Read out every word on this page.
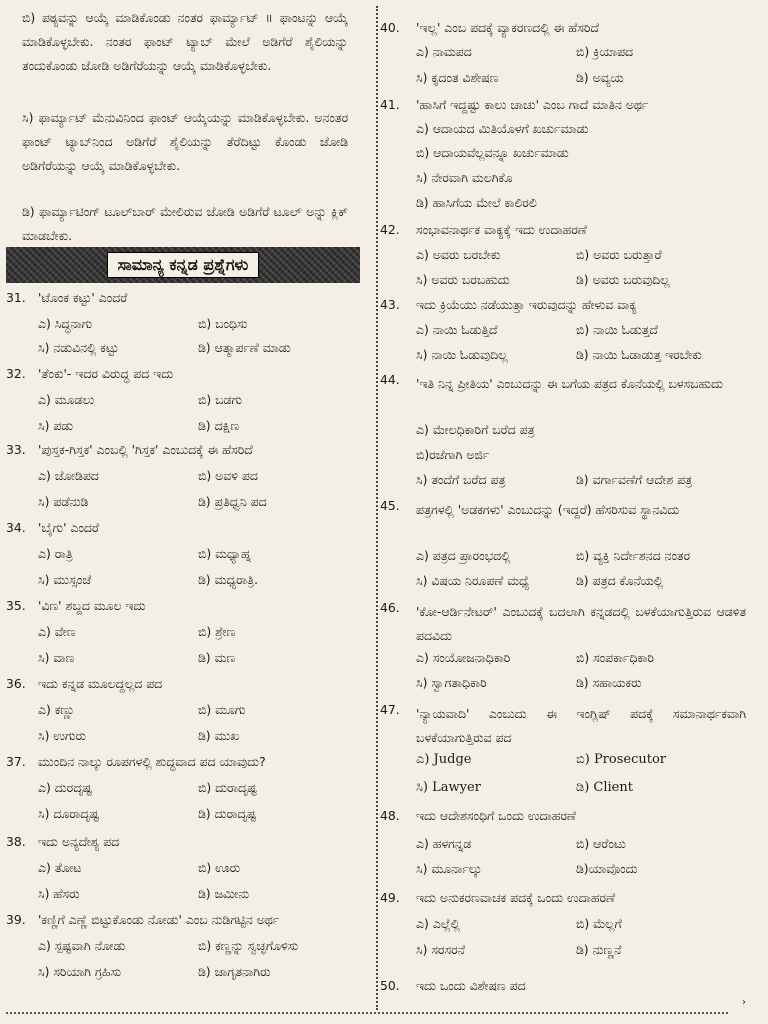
ಬಿ) ಪಠ್ಯವನ್ನು ಆಯ್ಕೆ ಮಾಡಿಕೊಂಡು ನಂತರ ಫಾರ್ಮ್ಯಾಟ್ ॥ ಫಾಂಟನ್ನು ಆಯ್ಕೆ ಮಾಡಿಕೊಳ್ಳಬೇಕು. ನಂತರ ಫಾಂಟ್ ಟ್ಯಾಬ್ ಮೇಲೆ ಅಡಿಗೆರೆ ಶೈಲಿಯನ್ನು ತಂದುಕೊಂಡು ಜೋಡಿ ಅಡಿಗೆರೆಯನ್ನು ಆಯ್ಕೆ ಮಾಡಿಕೊಳ್ಳಬೇಕು.
ಸಿ) ಫಾರ್ಮ್ಯಾಟ್ ಮೆನುವಿನಿಂದ ಫಾಂಟ್ ಆಯ್ಕೆಯನ್ನು ಮಾಡಿಕೊಳ್ಳಬೇಕು. ಅನಂತರ ಫಾಂಟ್ ಟ್ಯಾಬ್‌ನಿಂದ ಅಡಿಗೆರೆ ಶೈಲಿಯನ್ನು ತೆರೆದಿಟ್ಟು ಕೊಂಡು ಜೋಡಿ ಅಡಿಗೆರೆಯನ್ನು ಆಯ್ಕೆ ಮಾಡಿಕೊಳ್ಳಬೇಕು.
ಡಿ) ಫಾರ್ಮ್ಯಾಟಿಂಗ್ ಟೂಲ್‌ಬಾರ್ ಮೇಲಿರುವ ಜೋಡಿ ಅಡಿಗೆರೆ ಟೂಲ್ ಅನ್ನು ಕ್ಲಿಕ್ ಮಾಡಬೇಕು.
ಸಾಮಾನ್ಯ ಕನ್ನಡ ಪ್ರಶ್ನೆಗಳು
31. 'ಟೊಂಕ ಕಟ್ಟು' ಎಂದರೆ
ಎ) ಸಿದ್ಧನಾಗು	ಬಿ) ಬಂಧಿಸು
ಸಿ) ನಡುವಿನಲ್ಲಿ ಕಟ್ಟು	ಡಿ) ಆತ್ಮಾರ್ಪಣೆ ಮಾಡು
32. 'ತೆಂಕು'- ಇದರ ವಿರುದ್ಧ ಪದ ಇದು
ಎ) ಮೂಡಲು	ಬಿ) ಬಡಗು
ಸಿ) ಪಡು	ಡಿ) ದಕ್ಷಿಣ
33. 'ಪುಸ್ತಕ-ಗಿಸ್ತಕ' ಎಂಬಲ್ಲಿ 'ಗಿಸ್ತಕ' ಎಂಬುದಕ್ಕೆ ಈ ಹೆಸರಿದೆ
ಎ) ಜೋಡಿಪದ	ಬಿ) ಅವಳಿ ಪದ
ಸಿ) ಪಡೆನುಡಿ	ಡಿ) ಪ್ರತಿಧ್ವನಿ ಪದ
34. 'ಬೈಗು' ಎಂದರೆ
ಎ) ರಾತ್ರಿ	ಬಿ) ಮಧ್ಯಾಹ್ನ
ಸಿ) ಮುಸ್ಸಂಜೆ	ಡಿ) ಮಧ್ಯರಾತ್ರಿ.
35. 'ವಿಣ' ಶಬ್ದದ ಮೂಲ ಇದು
ಎ) ವೇಣ	ಬಿ) ಶ್ರೇಣ
ಸಿ) ವಾಣ	ಡಿ) ಮಣ
36. ಇದು ಕನ್ನಡ ಮೂಲದ್ದಲ್ಲದ ಪದ
ಎ) ಕಣ್ಣು	ಬಿ) ಮೂಗು
ಸಿ) ಉಗುರು	ಡಿ) ಮುಖ
37. ಮುಂದಿನ ನಾಲ್ಕು ರೂಪಗಳಲ್ಲಿ ಶುದ್ಧವಾದ ಪದ ಯಾವುದು?
ಎ) ದುರದೃಷ್ಟ	ಬಿ) ದುರಾದೃಷ್ಟ
ಸಿ) ದೂರಾದೃಷ್ಟ	ಡಿ) ದುರಾದೃಷ್ಟ
38. ಇದು ಅನ್ಯದೇಶ್ಯ ಪದ
ಎ) ತೋಟ	ಬಿ) ಊರು
ಸಿ) ಹೆಸರು	ಡಿ) ಜಮೀನು
39. 'ಕಣ್ಣಿಗೆ ಎಣ್ಣೆ ಬಿಟ್ಟುಕೊಂಡು ನೋಡು' ಎಂಬ ನುಡಿಗಟ್ಟಿನ ಅರ್ಥ
ಎ) ಸ್ಪಷ್ಟವಾಗಿ ನೋಡು	ಬಿ) ಕಣ್ಣನ್ನು ಸ್ವಚ್ಛಗೊಳಿಸು
ಸಿ) ಸರಿಯಾಗಿ ಗ್ರಹಿಸು	ಡಿ) ಜಾಗೃತನಾಗಿರು
40.	'ಇಲ್ಲ' ಎಂಬ ಪದಕ್ಕೆ ವ್ಯಾಕರಣದಲ್ಲಿ ಈ ಹೆಸರಿದೆ
ಎ) ನಾಮಪದ	ಬಿ) ಕ್ರಿಯಾಪದ
ಸಿ) ಕೃದಂತ ವಿಶೇಷಣ	ಡಿ) ಅವ್ಯಯ
41.	'ಹಾಸಿಗೆ ಇದ್ದಷ್ಟು ಕಾಲು ಚಾಚು' ಎಂಬ ಗಾದೆ ಮಾತಿನ ಅರ್ಥ
ಎ) ಆದಾಯದ ಮಿತಿಯೊಳಗೆ ಖರ್ಚುಮಾಡು
ಬಿ) ಆದಾಯವೆಲ್ಲವನ್ನೂ ಖರ್ಚುಮಾಡು
ಸಿ) ನೇರವಾಗಿ ಮಲಗಿಕೊ
ಡಿ) ಹಾಸಿಗೆಯ ಮೇಲೆ ಕಾಲಿರಲಿ
42.	ಸಂಭಾವನಾರ್ಥಕ ವಾಕ್ಯಕ್ಕೆ ಇದು ಉದಾಹರಣೆ
ಎ) ಅವರು ಬರಬೇಕು	ಬಿ) ಅವರು ಬರುತ್ತಾರೆ
ಸಿ) ಅವರು ಬರಬಹುದು	ಡಿ) ಅವರು ಬರುವುದಿಲ್ಲ
43.	ಇದು ಕ್ರಿಯೆಯು ನಡೆಯುತ್ತಾ ಇರುವುದನ್ನು ಹೇಳುವ ವಾಕ್ಯ
ಎ) ನಾಯಿ ಓಡುತ್ತಿದೆ	ಬಿ) ನಾಯಿ ಓಡುತ್ತದೆ
ಸಿ) ನಾಯಿ ಓಡುವುದಿಲ್ಲ	ಡಿ) ನಾಯಿ ಓಡಾಡುತ್ತ ಇರಬೇಕು
44.	'ಇತಿ ನಿನ್ನ ಪ್ರೀತಿಯ' ಎಂಬುದನ್ನು ಈ ಬಗೆಯ ಪತ್ರದ ಕೊನೆಯಲ್ಲಿ ಬಳಸಬಹುದು
ಎ) ಮೇಲಧಿಕಾರಿಗೆ ಬರೆದ ಪತ್ರ
ಬಿ)ರಜೆಗಾಗಿ ಅರ್ಜಿ
ಸಿ) ತಂದೆಗೆ ಬರೆದ ಪತ್ರ	ಡಿ) ವರ್ಗಾವಣೆಗೆ ಆದೇಶ ಪತ್ರ
45.	ಪತ್ರಗಳಲ್ಲಿ 'ಅಡಕಗಳು' ಎಂಬುದನ್ನು (ಇದ್ದರೆ) ಹೆಸರಿಸುವ ಸ್ಥಾನವಿದು
ಎ) ಪತ್ರದ ಪ್ರಾರಂಭದಲ್ಲಿ	ಬಿ) ವ್ಯಕ್ತಿ ನಿರ್ದೇಶನದ ನಂತರ
ಸಿ) ವಿಷಯ ನಿರೂಪಣೆ ಮಧ್ಯೆ	ಡಿ) ಪತ್ರದ ಕೊನೆಯಲ್ಲಿ
46.	'ಕೋ-ಆರ್ಡಿನೇಟರ್' ಎಂಬುದಕ್ಕೆ ಬದಲಾಗಿ ಕನ್ನಡದಲ್ಲಿ ಬಳಕೆಯಾಗುತ್ತಿರುವ ಆಡಳಿತ ಪದವಿದು
ಎ) ಸಂಯೋಜನಾಧಿಕಾರಿ	ಬಿ) ಸಂಪರ್ಕಾಧಿಕಾರಿ
ಸಿ) ಸ್ವಾಗತಾಧಿಕಾರಿ	ಡಿ) ಸಹಾಯಕರು
47.	'ನ್ಯಾಯವಾದಿ' ಎಂಬುದು ಈ ಇಂಗ್ಲಿಷ್ ಪದಕ್ಕೆ ಸಮಾನಾರ್ಥಕವಾಗಿ ಬಳಕೆಯಾಗುತ್ತಿರುವ ಪದ
ಎ) Judge	ಬಿ) Prosecutor
ಸಿ) Lawyer	ಡಿ) Client
48.	ಇದು ಆದೇಶಸಂಧಿಗೆ ಒಂದು ಉದಾಹರಣೆ
ಎ) ಹಳಗನ್ನಡ	ಬಿ) ಆರೆಂಟು
ಸಿ) ಮೂರ್ನಾಲ್ಕು	ಡಿ)ಯಾವೊಂದು
49.	ಇದು ಅನುಕರಣವಾಚಕ ಪದಕ್ಕೆ ಒಂದು ಉದಾಹರಣೆ
ಎ) ಎಲ್ಲೆಲ್ಲಿ	ಬಿ) ಮೆಲ್ಲಗೆ
ಸಿ) ಸರಸರನೆ	ಡಿ) ನುಣ್ಣನೆ
50.	ಇದು ಒಂದು ವಿಶೇಷಣ ಪದ
›
